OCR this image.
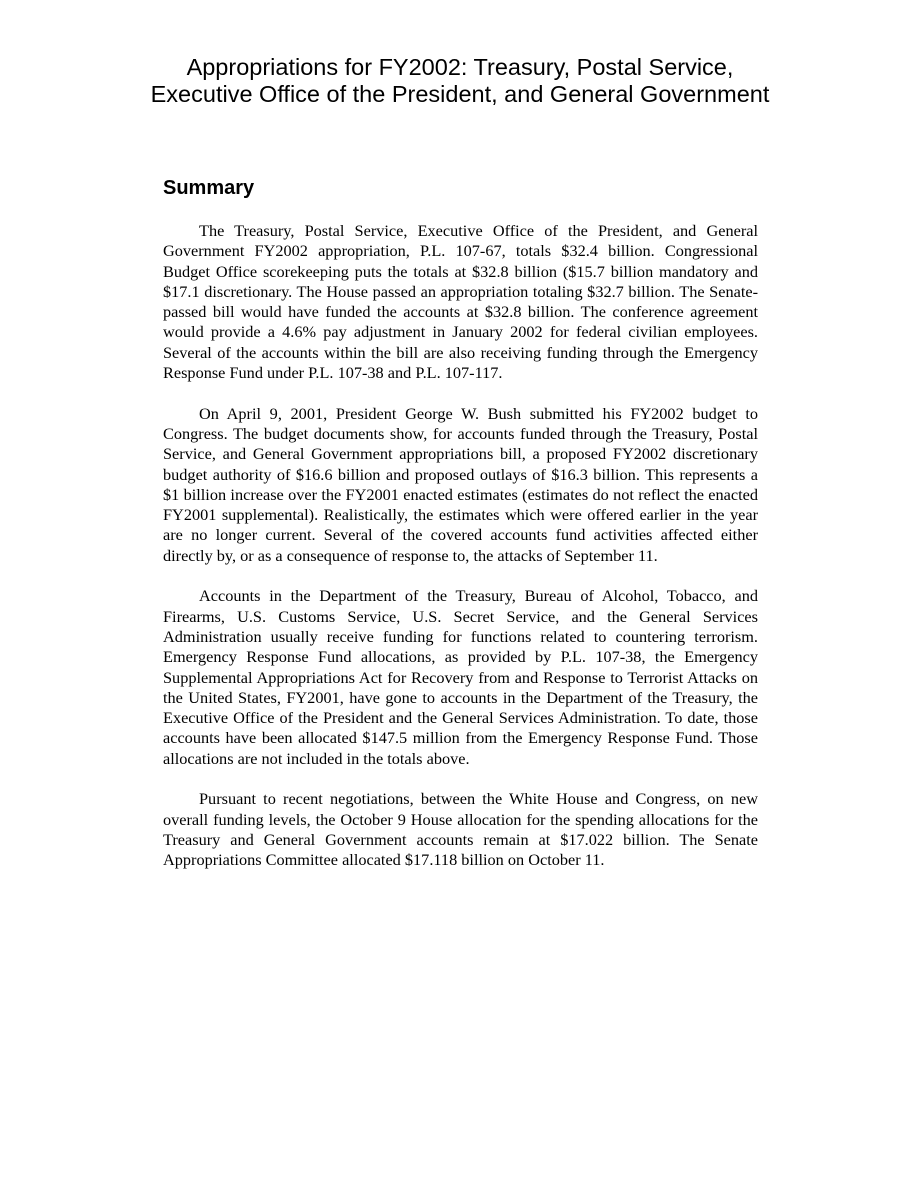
Appropriations for FY2002: Treasury, Postal Service, Executive Office of the President, and General Government
Summary

The Treasury, Postal Service, Executive Office of the President, and General Government FY2002 appropriation, P.L. 107-67, totals $32.4 billion. Congressional Budget Office scorekeeping puts the totals at $32.8 billion ($15.7 billion mandatory and $17.1 discretionary. The House passed an appropriation totaling $32.7 billion. The Senate-passed bill would have funded the accounts at $32.8 billion. The conference agreement would provide a 4.6% pay adjustment in January 2002 for federal civilian employees. Several of the accounts within the bill are also receiving funding through the Emergency Response Fund under P.L. 107-38 and P.L. 107-117.

On April 9, 2001, President George W. Bush submitted his FY2002 budget to Congress. The budget documents show, for accounts funded through the Treasury, Postal Service, and General Government appropriations bill, a proposed FY2002 discretionary budget authority of $16.6 billion and proposed outlays of $16.3 billion. This represents a $1 billion increase over the FY2001 enacted estimates (estimates do not reflect the enacted FY2001 supplemental). Realistically, the estimates which were offered earlier in the year are no longer current. Several of the covered accounts fund activities affected either directly by, or as a consequence of response to, the attacks of September 11.

Accounts in the Department of the Treasury, Bureau of Alcohol, Tobacco, and Firearms, U.S. Customs Service, U.S. Secret Service, and the General Services Administration usually receive funding for functions related to countering terrorism. Emergency Response Fund allocations, as provided by P.L. 107-38, the Emergency Supplemental Appropriations Act for Recovery from and Response to Terrorist Attacks on the United States, FY2001, have gone to accounts in the Department of the Treasury, the Executive Office of the President and the General Services Administration. To date, those accounts have been allocated $147.5 million from the Emergency Response Fund. Those allocations are not included in the totals above.

Pursuant to recent negotiations, between the White House and Congress, on new overall funding levels, the October 9 House allocation for the spending allocations for the Treasury and General Government accounts remain at $17.022 billion. The Senate Appropriations Committee allocated $17.118 billion on October 11.
